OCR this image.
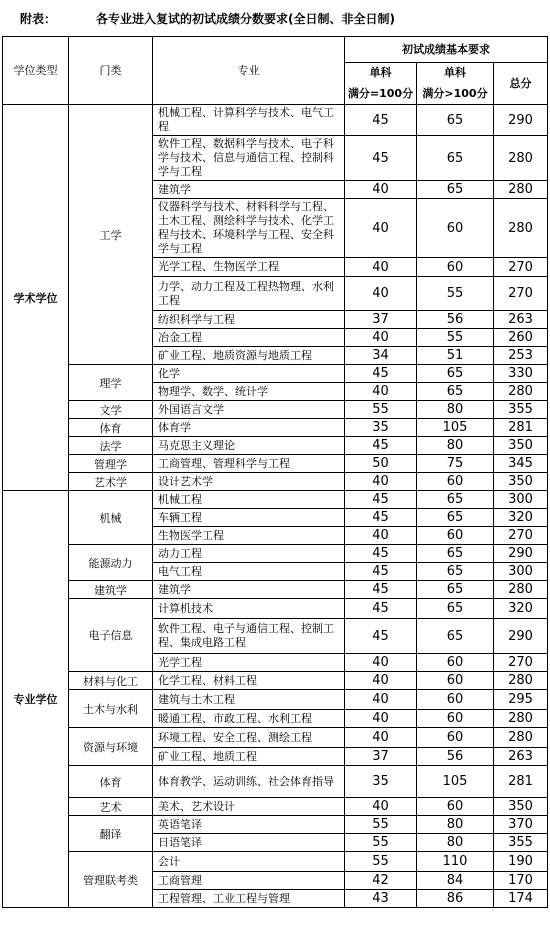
附表：	各专业进入复试的初试成绩分数要求(全日制、非全日制)
学位类型	门类	专业	初试成绩基本要求		
			单科	单科	总分
			满分=100分	满分>100分	
学术学位	工学	机械工程、计算科学与技术、电气工程	45	65	290
		软件工程、数据科学与技术、电子科学与技术、信息与通信工程、控制科学与工程	45	65	280
		建筑学	40	65	280
		仪器科学与技术、材料科学与工程、土木工程、测绘科学与技术、化学工程与技术、环境科学与工程、安全科学与工程	40	60	280
		光学工程、生物医学工程	40	60	270
		力学、动力工程及工程热物理、水利工程	40	55	270
		纺织科学与工程	37	56	263
		冶金工程	40	55	260
		矿业工程、地质资源与地质工程	34	51	253
	理学	化学	45	65	330
		物理学、数学、统计学	40	65	280
	文学	外国语言文学	55	80	355
	体育	体育学	35	105	281
	法学	马克思主义理论	45	80	350
	管理学	工商管理、管理科学与工程	50	75	345
	艺术学	设计艺术学	40	60	350
专业学位	机械	机械工程	45	65	300
		车辆工程	45	65	320
		生物医学工程	40	60	270
	能源动力	动力工程	45	65	290
		电气工程	45	65	300
	建筑学	建筑学	45	65	280
	电子信息	计算机技术	45	65	320
		软件工程、电子与通信工程、控制工程、集成电路工程	45	65	290
		光学工程	40	60	270
	材料与化工	化学工程、材料工程	40	60	280
	土木与水利	建筑与土木工程	40	60	295
		暖通工程、市政工程、水利工程	40	60	280
	资源与环境	环境工程、安全工程、测绘工程	40	60	280
		矿业工程、地质工程	37	56	263
	体育	体育教学、运动训练、社会体育指导	35	105	281
	艺术	美术、艺术设计	40	60	350
	翻译	英语笔译	55	80	370
		日语笔译	55	80	355
	管理联考类	会计	55	110	190
		工商管理	42	84	170
		工程管理、工业工程与管理	43	86	174
